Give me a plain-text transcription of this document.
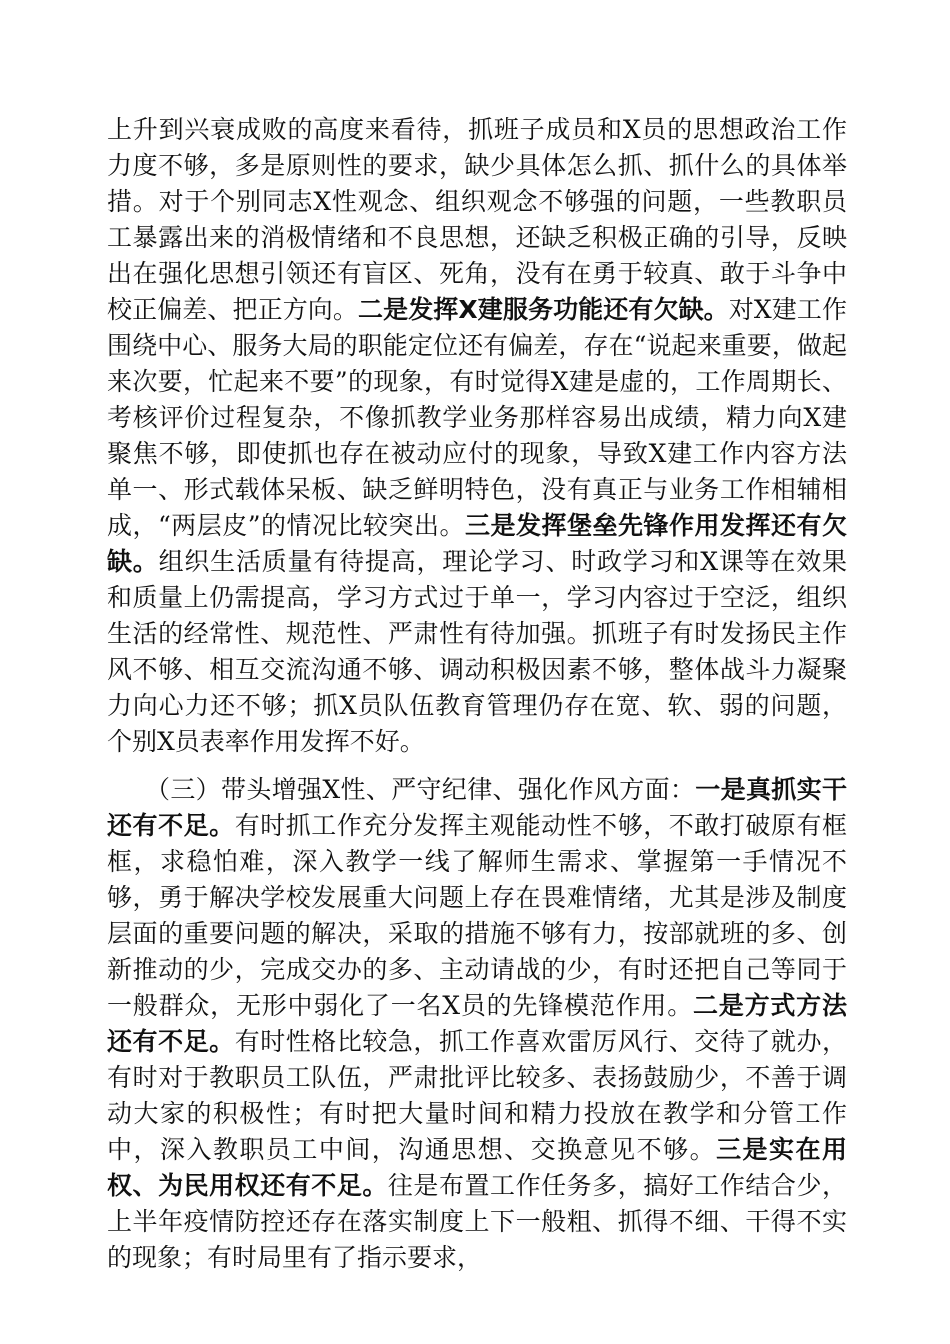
上升到兴衰成败的高度来看待，抓班子成员和X员的思想政治工作力度不够，多是原则性的要求，缺少具体怎么抓、抓什么的具体举措。对于个别同志X性观念、组织观念不够强的问题，一些教职员工暴露出来的消极情绪和不良思想，还缺乏积极正确的引导，反映出在强化思想引领还有盲区、死角，没有在勇于较真、敢于斗争中校正偏差、把正方向。二是发挥X建服务功能还有欠缺。对X建工作围绕中心、服务大局的职能定位还有偏差，存在“说起来重要，做起来次要，忙起来不要”的现象，有时觉得X建是虚的，工作周期长、考核评价过程复杂，不像抓教学业务那样容易出成绩，精力向X建聚焦不够，即使抓也存在被动应付的现象，导致X建工作内容方法单一、形式载体呆板、缺乏鲜明特色，没有真正与业务工作相辅相成，“两层皮”的情况比较突出。三是发挥堡垒先锋作用发挥还有欠缺。组织生活质量有待提高，理论学习、时政学习和X课等在效果和质量上仍需提高，学习方式过于单一，学习内容过于空泛，组织生活的经常性、规范性、严肃性有待加强。抓班子有时发扬民主作风不够、相互交流沟通不够、调动积极因素不够，整体战斗力凝聚力向心力还不够；抓X员队伍教育管理仍存在宽、软、弱的问题，个别X员表率作用发挥不好。

（三）带头增强X性、严守纪律、强化作风方面：一是真抓实干还有不足。有时抓工作充分发挥主观能动性不够，不敢打破原有框框，求稳怕难，深入教学一线了解师生需求、掌握第一手情况不够，勇于解决学校发展重大问题上存在畏难情绪，尤其是涉及制度层面的重要问题的解决，采取的措施不够有力，按部就班的多、创新推动的少，完成交办的多、主动请战的少，有时还把自己等同于一般群众，无形中弱化了一名X员的先锋模范作用。二是方式方法还有不足。有时性格比较急，抓工作喜欢雷厉风行、交待了就办，有时对于教职员工队伍，严肃批评比较多、表扬鼓励少，不善于调动大家的积极性；有时把大量时间和精力投放在教学和分管工作中，深入教职员工中间，沟通思想、交换意见不够。三是实在用权、为民用权还有不足。往是布置工作任务多，搞好工作结合少，上半年疫情防控还存在落实制度上下一般粗、抓得不细、干得不实的现象；有时局里有了指示要求，
